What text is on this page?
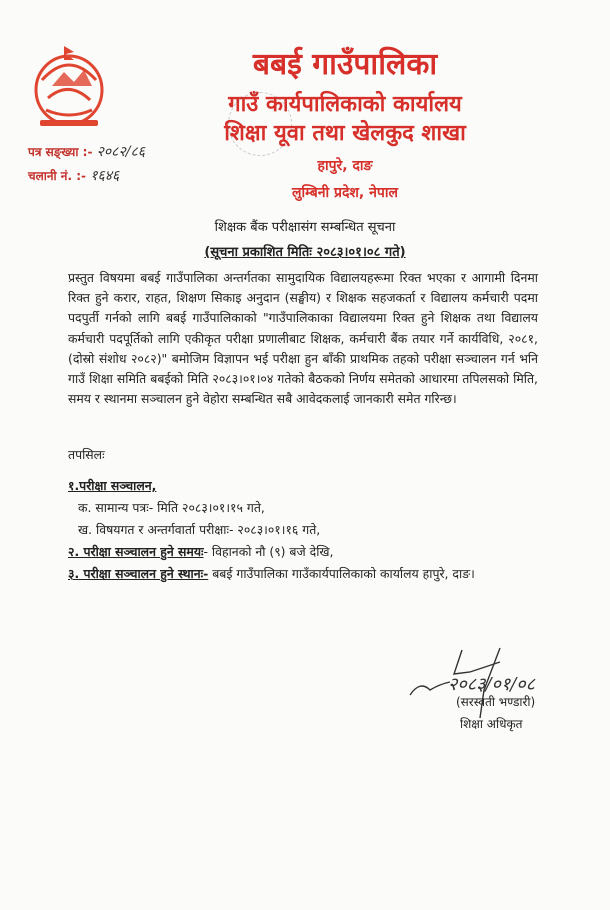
बबई गाउँपालिका
गाउँ कार्यपालिकाको कार्यालय
शिक्षा यूवा तथा खेलकुद शाखा
हापुरे, दाङ
लुम्बिनी प्रदेश, नेपाल
पत्र सङ्ख्या :- २०८२/८६
चलानी नं. :- १६४६
शिक्षक बैंक परीक्षासंग सम्बन्धित सूचना
(सूचना प्रकाशित मितिः २०८३।०१।०८ गते)
प्रस्तुत विषयमा बबई गाउँपालिका अन्तर्गतका सामुदायिक विद्यालयहरूमा रिक्त भएका र आगामी दिनमा रिक्त हुने करार, राहत, शिक्षण सिकाइ अनुदान (सङ्घीय) र शिक्षक सहजकर्ता र विद्यालय कर्मचारी पदमा पदपुर्ती गर्नको लागि बबई गाउँपालिकाको "गाउँपालिकाका विद्यालयमा रिक्त हुने शिक्षक तथा विद्यालय कर्मचारी पदपूर्तिको लागि एकीकृत परीक्षा प्रणालीबाट शिक्षक, कर्मचारी बैंक तयार गर्ने कार्यविधि, २०८१, (दोस्रो संशोध २०८२)" बमोजिम विज्ञापन भई परीक्षा हुन बाँकी प्राथमिक तहको परीक्षा सञ्चालन गर्न भनि गाउँ शिक्षा समिति बबईको मिति २०८३।०१।०४ गतेको बैठकको निर्णय समेतको आधारमा तपिलसको मिति, समय र स्थानमा सञ्चालन हुने वेहोरा सम्बन्धित सबै आवेदकलाई जानकारी समेत गरिन्छ।
तपसिलः
१.परीक्षा सञ्चालन,
क. सामान्य पत्रः- मिति २०८३।०१।१५ गते,
ख. विषयगत र अन्तर्गवार्ता परीक्षाः- २०८३।०१।१६ गते,
२. परीक्षा सञ्चालन हुने समयः- विहानको नौ (९) बजे देखि,
३. परीक्षा सञ्चालन हुने स्थानः- बबई गाउँपालिका गाउँकार्यपालिकाको कार्यालय हापुरे, दाङ।
२०८३/०१/०८
(सरस्वती भण्डारी)
शिक्षा अधिकृत
